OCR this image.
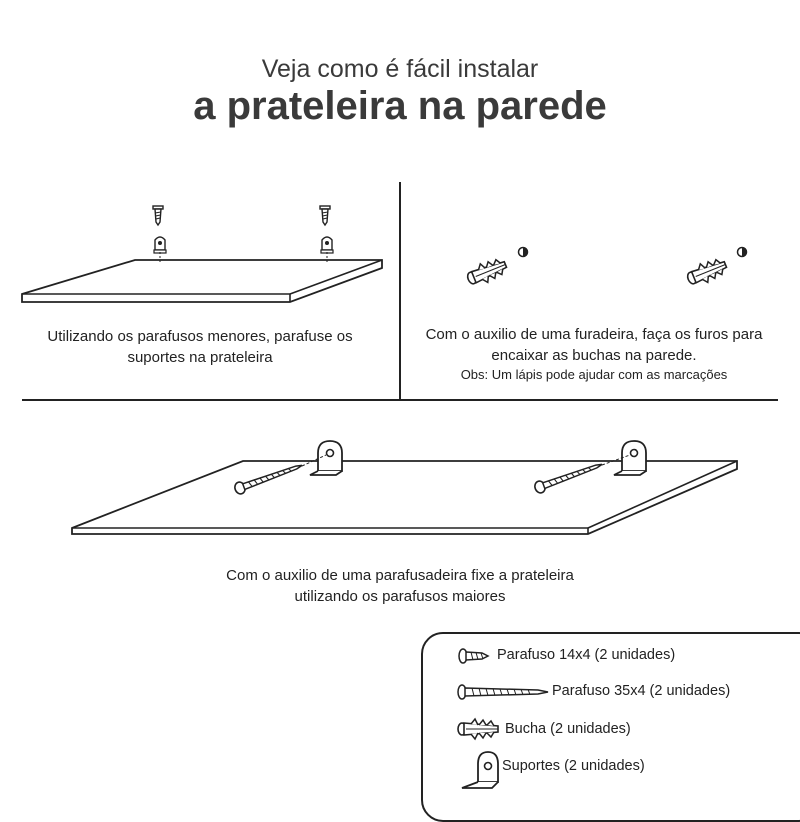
Veja como é fácil instalar
a prateleira na parede
Utilizando os parafusos menores, parafuse os suportes na prateleira
Com o auxilio de uma furadeira, faça os furos para encaixar as buchas na parede.
Obs: Um lápis pode ajudar com as marcações
Com o auxilio de uma parafusadeira fixe a prateleira utilizando os parafusos maiores
Parafuso 14x4 (2 unidades)
Parafuso 35x4 (2 unidades)
Bucha (2 unidades)
Suportes (2 unidades)
